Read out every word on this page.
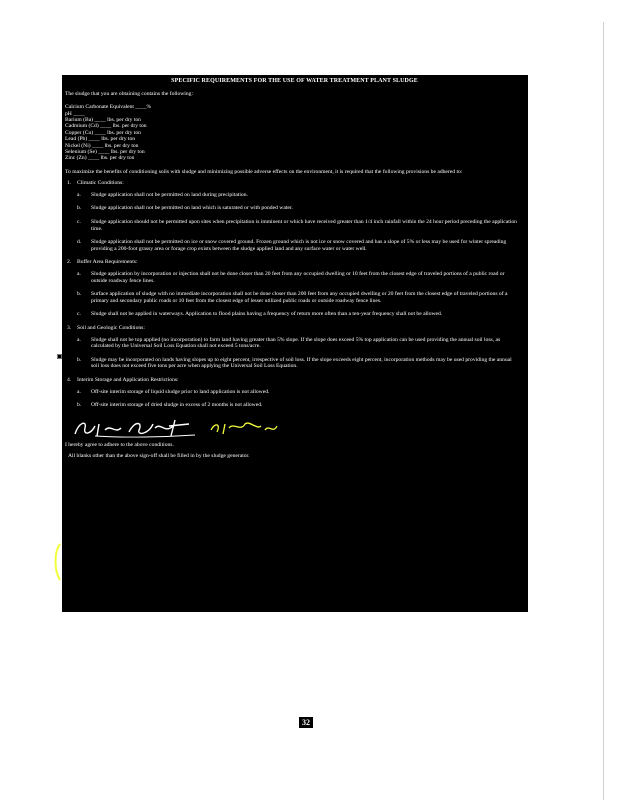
SPECIFIC REQUIREMENTS FOR THE USE OF WATER TREATMENT PLANT SLUDGE
The sludge that you are obtaining contains the following:
Calcium Carbonate Equivalent ____%
pH ____
Barium (Ba) ____ lbs. per dry ton
Cadmium (Cd) ____ lbs. per dry ton
Copper (Cu) ____ lbs. per dry ton
Lead (Pb) ____ lbs. per dry ton
Nickel (Ni) ____ lbs. per dry ton
Selenium (Se) ____ lbs. per dry ton
Zinc (Zn) ____ lbs. per dry ton
To maximize the benefits of conditioning soils with sludge and minimizing possible adverse effects on the environment, it is required that the following provisions be adhered to:
1. Climatic Conditions:
a.	Sludge application shall not be permitted on land during precipitation.
b.	Sludge application shall not be permitted on land which is saturated or with ponded water.
c.	Sludge application should not be permitted upon sites when precipitation is imminent or which have received greater than 1/4 inch rainfall within the 24 hour period preceding the application time.
d.	Sludge application shall not be permitted on ice or snow covered ground. Frozen ground which is not ice or snow covered and has a slope of 5% or less may be used for winter spreading providing a 200-foot grassy area or forage crop exists between the sludge applied land and any surface water or water well.
2. Buffer Area Requirements:
a.	Sludge application by incorporation or injection shall not be done closer than 20 feet from any occupied dwelling or 10 feet from the closest edge of traveled portions of a public road or outside roadway fence lines.
b.	Surface application of sludge with no immediate incorporation shall not be done closer than 200 feet from any occupied dwelling or 20 feet from the closest edge of traveled portions of a primary and secondary public roads or 10 feet from the closest edge of lesser utilized public roads or outside roadway fence lines.
c.	Sludge shall not be applied in waterways. Application to flood plains having a frequency of return more often than a ten-year frequency shall not be allowed.
3. Soil and Geologic Conditions:
a.	Sludge shall not be top applied (no incorporation) to farm land having greater than 5% slope. If the slope does exceed 5% top application can be used providing the annual soil loss, as calculated by the Universal Soil Loss Equation shall not exceed 5 tons/acre.
b.	Sludge may be incorporated on lands having slopes up to eight percent, irrespective of soil loss. If the slope exceeds eight percent, incorporation methods may be used providing the annual soil loss does not exceed five tons per acre when applying the Universal Soil Loss Equation.
4. Interim Storage and Application Restrictions:
a.	Off-site interim storage of liquid sludge prior to land application is not allowed.
b.	Off-site interim storage of dried sludge in excess of 2 months is not allowed.
I hereby agree to adhere to the above conditions.
All blanks other than the above sign-off shall be filled in by the sludge generator.
32
